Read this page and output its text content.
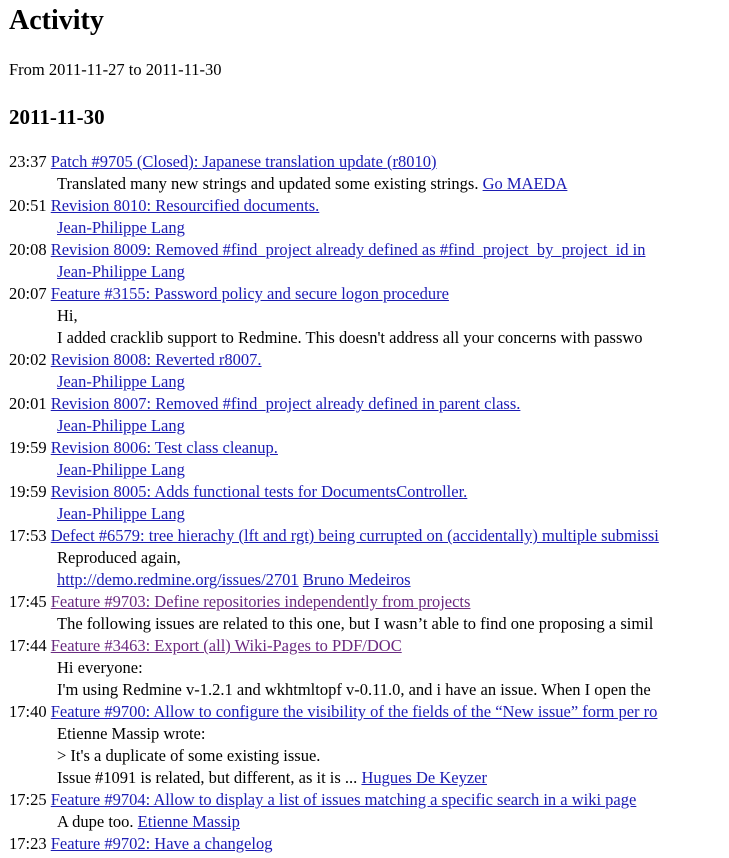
Activity

From 2011-11-27 to 2011-11-30

2011-11-30
23:37 Patch #9705 (Closed): Japanese translation update (r8010)
Translated many new strings and updated some existing strings. Go MAEDA
20:51 Revision 8010: Resourcified documents.
Jean-Philippe Lang
20:08 Revision 8009: Removed #find_project already defined as #find_project_by_project_id in
Jean-Philippe Lang
20:07 Feature #3155: Password policy and secure logon procedure
Hi,
I added cracklib support to Redmine. This doesn't address all your concerns with passwo
20:02 Revision 8008: Reverted r8007.
Jean-Philippe Lang
20:01 Revision 8007: Removed #find_project already defined in parent class.
Jean-Philippe Lang
19:59 Revision 8006: Test class cleanup.
Jean-Philippe Lang
19:59 Revision 8005: Adds functional tests for DocumentsController.
Jean-Philippe Lang
17:53 Defect #6579: tree hierachy (lft and rgt) being currupted on (accidentally) multiple submissi
Reproduced again,
http://demo.redmine.org/issues/2701 Bruno Medeiros
17:45 Feature #9703: Define repositories independently from projects
The following issues are related to this one, but I wasn’t able to find one proposing a simil
17:44 Feature #3463: Export (all) Wiki-Pages to PDF/DOC
Hi everyone:
I'm using Redmine v-1.2.1 and wkhtmltopf v-0.11.0, and i have an issue. When I open the
17:40 Feature #9700: Allow to configure the visibility of the fields of the “New issue” form per ro
Etienne Massip wrote:
> It's a duplicate of some existing issue.
Issue #1091 is related, but different, as it is ... Hugues De Keyzer
17:25 Feature #9704: Allow to display a list of issues matching a specific search in a wiki page
A dupe too. Etienne Massip
17:23 Feature #9702: Have a changelog
